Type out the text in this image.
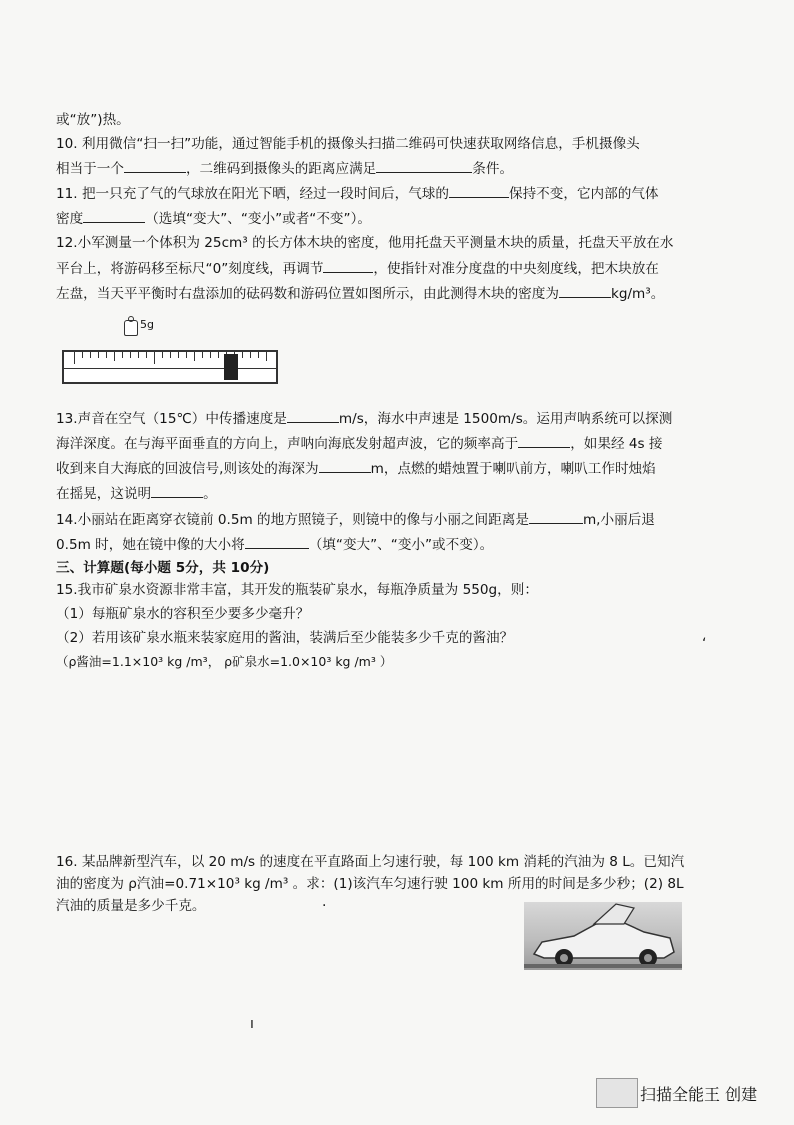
或“放”)热。
10. 利用微信“扫一扫”功能，通过智能手机的摄像头扫描二维码可快速获取网络信息，手机摄像头
相当于一个	，二维码到摄像头的距离应满足	条件。
11. 把一只充了气的气球放在阳光下晒，经过一段时间后，气球的	保持不变，它内部的气体
密度	（选填“变大”、“变小”或者“不变”）。
12.小军测量一个体积为 25cm³ 的长方体木块的密度，他用托盘天平测量木块的质量，托盘天平放在水
平台上，将游码移至标尺“0”刻度线，再调节	，使指针对准分度盘的中央刻度线，把木块放在
左盘，当天平平衡时右盘添加的砝码数和游码位置如图所示，由此测得木块的密度为	kg/m³。
5g
13.声音在空气（15℃）中传播速度是	m/s，海水中声速是 1500m/s。运用声呐系统可以探测
海洋深度。在与海平面垂直的方向上，声呐向海底发射超声波，它的频率高于	，如果经 4s 接
收到来自大海底的回波信号,则该处的海深为	m，点燃的蜡烛置于喇叭前方，喇叭工作时烛焰
在摇晃，这说明	。
14.小丽站在距离穿衣镜前 0.5m 的地方照镜子，则镜中的像与小丽之间距离是	m,小丽后退
0.5m 时，她在镜中像的大小将	（填“变大”、“变小”或不变）。
三、计算题(每小题 5分，共 10分)
15.我市矿泉水资源非常丰富，其开发的瓶装矿泉水，每瓶净质量为 550g，则：
（1）每瓶矿泉水的容积至少要多少毫升？
（2）若用该矿泉水瓶来装家庭用的酱油，装满后至少能装多少千克的酱油？
（ρ酱油=1.1×10³ kg /m³， ρ矿泉水=1.0×10³ kg /m³ ）
16. 某品牌新型汽车，以 20 m/s 的速度在平直路面上匀速行驶，每 100 km 消耗的汽油为 8 L。已知汽
油的密度为 ρ汽油=0.71×10³ kg /m³ 。求：(1)该汽车匀速行驶 100 km 所用的时间是多少秒；(2) 8L
汽油的质量是多少千克。
‘
·
ı
扫描全能王 创建
